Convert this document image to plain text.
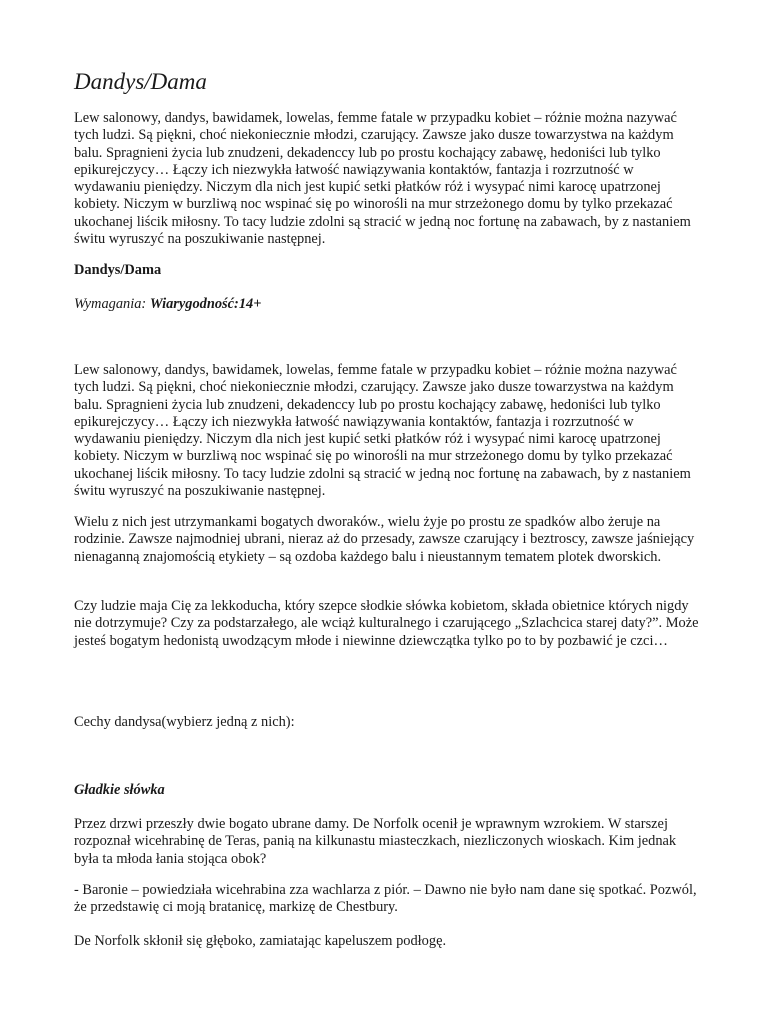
Dandys/Dama

Lew salonowy, dandys, bawidamek, lowelas, femme fatale w przypadku kobiet – różnie można nazywać tych ludzi. Są piękni, choć niekoniecznie młodzi, czarujący. Zawsze jako dusze towarzystwa na każdym balu. Spragnieni życia lub znudzeni, dekadenccy lub po prostu kochający zabawę, hedoniści lub tylko epikurejczycy… Łączy ich niezwykła łatwość nawiązywania kontaktów, fantazja i rozrzutność w wydawaniu pieniędzy. Niczym dla nich jest kupić setki płatków róż i wysypać nimi karocę upatrzonej kobiety. Niczym w burzliwą noc wspinać się po winorośli na mur strzeżonego domu by tylko przekazać ukochanej liścik miłosny. To tacy ludzie zdolni są stracić w jedną noc fortunę na zabawach, by z nastaniem świtu wyruszyć na poszukiwanie następnej.

Dandys/Dama

Wymagania: Wiarygodność:14+

Lew salonowy, dandys, bawidamek, lowelas, femme fatale w przypadku kobiet – różnie można nazywać tych ludzi. Są piękni, choć niekoniecznie młodzi, czarujący. Zawsze jako dusze towarzystwa na każdym balu. Spragnieni życia lub znudzeni, dekadenccy lub po prostu kochający zabawę, hedoniści lub tylko epikurejczycy… Łączy ich niezwykła łatwość nawiązywania kontaktów, fantazja i rozrzutność w wydawaniu pieniędzy. Niczym dla nich jest kupić setki płatków róż i wysypać nimi karocę upatrzonej kobiety. Niczym w burzliwą noc wspinać się po winorośli na mur strzeżonego domu by tylko przekazać ukochanej liścik miłosny. To tacy ludzie zdolni są stracić w jedną noc fortunę na zabawach, by z nastaniem świtu wyruszyć na poszukiwanie następnej.

Wielu z nich jest utrzymankami bogatych dworaków., wielu żyje po prostu ze spadków albo żeruje na rodzinie. Zawsze najmodniej ubrani, nieraz aż do przesady, zawsze czarujący i beztroscy, zawsze jaśniejący nienaganną znajomością etykiety – są ozdoba każdego balu i nieustannym tematem plotek dworskich.

Czy ludzie maja Cię za lekkoducha, który szepce słodkie słówka kobietom, składa obietnice których nigdy nie dotrzymuje? Czy za podstarzałego, ale wciąż kulturalnego i czarującego „Szlachcica starej daty?”. Może jesteś bogatym hedonistą uwodzącym młode i niewinne dziewczątka tylko po to by pozbawić je czci…

Cechy dandysa(wybierz jedną z nich):

Gładkie słówka

Przez drzwi przeszły dwie bogato ubrane damy. De Norfolk ocenił je wprawnym wzrokiem. W starszej rozpoznał wicehrabinę de Teras, panią na kilkunastu miasteczkach, niezliczonych wioskach. Kim jednak była ta młoda łania stojąca obok?

- Baronie – powiedziała wicehrabina zza wachlarza z piór. – Dawno nie było nam dane się spotkać. Pozwól, że przedstawię ci moją bratanicę, markizę de Chestbury.

De Norfolk skłonił się głęboko, zamiatając kapeluszem podłogę.
